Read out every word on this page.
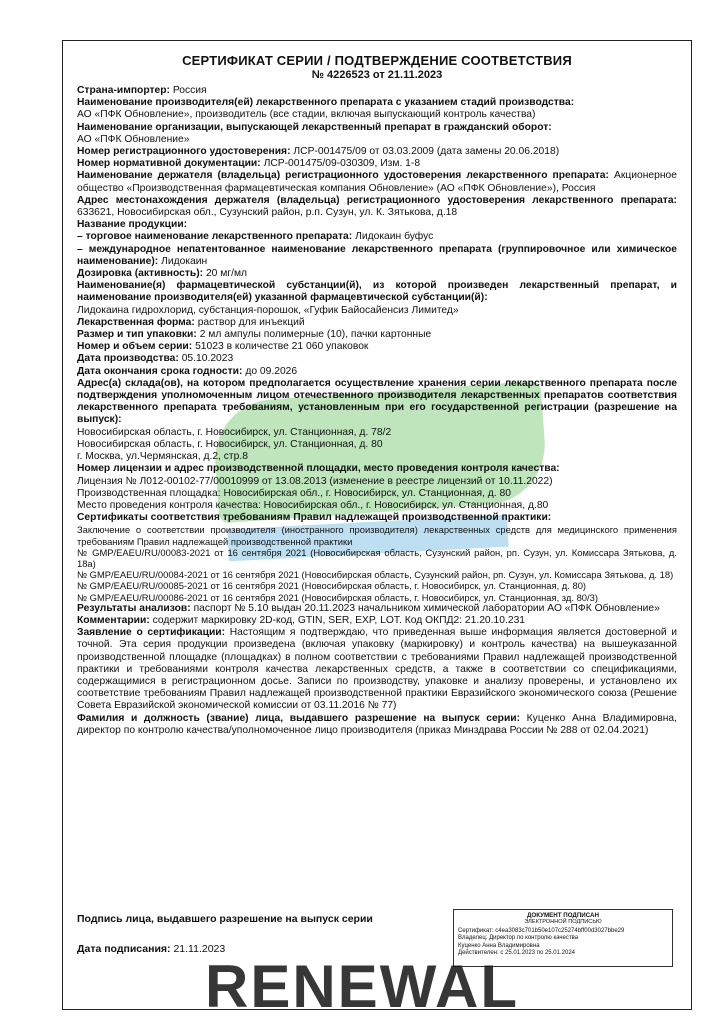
СЕРТИФИКАТ СЕРИИ / ПОДТВЕРЖДЕНИЕ СООТВЕТСТВИЯ
№ 4226523 от 21.11.2023

Страна-импортер: Россия

Наименование производителя(ей) лекарственного препарата с указанием стадий производства:

АО «ПФК Обновление», производитель (все стадии, включая выпускающий контроль качества)

Наименование организации, выпускающей лекарственный препарат в гражданский оборот:

АО «ПФК Обновление»

Номер регистрационного удостоверения: ЛСР-001475/09 от 03.03.2009 (дата замены 20.06.2018)

Номер нормативной документации: ЛСР-001475/09-030309, Изм. 1-8

Наименование держателя (владельца) регистрационного удостоверения лекарственного препарата: Акционерное общество «Производственная фармацевтическая компания Обновление» (АО «ПФК Обновление»), Россия

Адрес местонахождения держателя (владельца) регистрационного удостоверения лекарственного препарата: 633621, Новосибирская обл., Сузунский район, р.п. Сузун, ул. К. Зятькова, д.18

Название продукции:

– торговое наименование лекарственного препарата: Лидокаин буфус

– международное непатентованное наименование лекарственного препарата (группировочное или химическое наименование): Лидокаин

Дозировка (активность): 20 мг/мл

Наименование(я) фармацевтической субстанции(й), из которой произведен лекарственный препарат, и наименование производителя(ей) указанной фармацевтической субстанции(й):

Лидокаина гидрохлорид, субстанция-порошок, «Гуфик Байосайенсиз Лимитед»

Лекарственная форма: раствор для инъекций

Размер и тип упаковки: 2 мл ампулы полимерные (10), пачки картонные

Номер и объем серии: 51023 в количестве 21 060 упаковок

Дата производства: 05.10.2023

Дата окончания срока годности: до 09.2026

Адрес(а) склада(ов), на котором предполагается осуществление хранения серии лекарственного препарата после подтверждения уполномоченным лицом отечественного производителя лекарственных препаратов соответствия лекарственного препарата требованиям, установленным при его государственной регистрации (разрешение на выпуск):

Новосибирская область, г. Новосибирск, ул. Станционная, д. 78/2

Новосибирская область, г. Новосибирск, ул. Станционная, д. 80

г. Москва, ул.Чермянская, д.2, стр.8

Номер лицензии и адрес производственной площадки, место проведения контроля качества:

Лицензия № Л012-00102-77/00010999 от 13.08.2013 (изменение в реестре лицензий от 10.11.2022)

Производственная площадка: Новосибирская обл., г. Новосибирск, ул. Станционная, д. 80

Место проведения контроля качества: Новосибирская обл., г. Новосибирск, ул. Станционная, д.80

Сертификаты соответствия требованиям Правил надлежащей производственной практики:

Заключение о соответствии производителя (иностранного производителя) лекарственных средств для медицинского применения требованиям Правил надлежащей производственной практики

№ GMP/EAEU/RU/00083-2021 от 16 сентября 2021 (Новосибирская область, Сузунский район, рп. Сузун, ул. Комиссара Зятькова, д. 18а)

№ GMP/EAEU/RU/00084-2021 от 16 сентября 2021 (Новосибирская область, Сузунский район, рп. Сузун, ул. Комиссара Зятькова, д. 18)

№ GMP/EAEU/RU/00085-2021 от 16 сентября 2021 (Новосибирская область, г. Новосибирск, ул. Станционная, д. 80)

№ GMP/EAEU/RU/00086-2021 от 16 сентября 2021 (Новосибирская область, г. Новосибирск, ул. Станционная, зд. 80/3)

Результаты анализов: паспорт № 5.10 выдан 20.11.2023 начальником химической лаборатории АО «ПФК Обновление»

Комментарии: содержит маркировку 2D-код, GTIN, SER, EXP, LOT. Код ОКПД2: 21.20.10.231

Заявление о сертификации: Настоящим я подтверждаю, что приведенная выше информация является достоверной и точной. Эта серия продукции произведена (включая упаковку (маркировку) и контроль качества) на вышеуказанной производственной площадке (площадках) в полном соответствии с требованиями Правил надлежащей производственной практики и требованиями контроля качества лекарственных средств, а также в соответствии со спецификациями, содержащимися в регистрационном досье. Записи по производству, упаковке и анализу проверены, и установлено их соответствие требованиям Правил надлежащей производственной практики Евразийского экономического союза (Решение Совета Евразийской экономической комиссии от 03.11.2016 № 77)

Фамилия и должность (звание) лица, выдавшего разрешение на выпуск серии: Куценко Анна Владимировна, директор по контролю качества/уполномоченное лицо производителя (приказ Минздрава России № 288 от 02.04.2021)

Подпись лица, выдавшего разрешение на выпуск серии
Дата подписания: 21.11.2023
ДОКУМЕНТ ПОДПИСАН
ЭЛЕКТРОННОЙ ПОДПИСЬЮ
Сертификат: c4ea3083c701b50e107c25274bff00d3027bbe29
Владелец: Директор по контролю качества
Куценко Анна Владимировна
Действителен: с 25.01.2023 по 25.01.2024
RENEWAL
